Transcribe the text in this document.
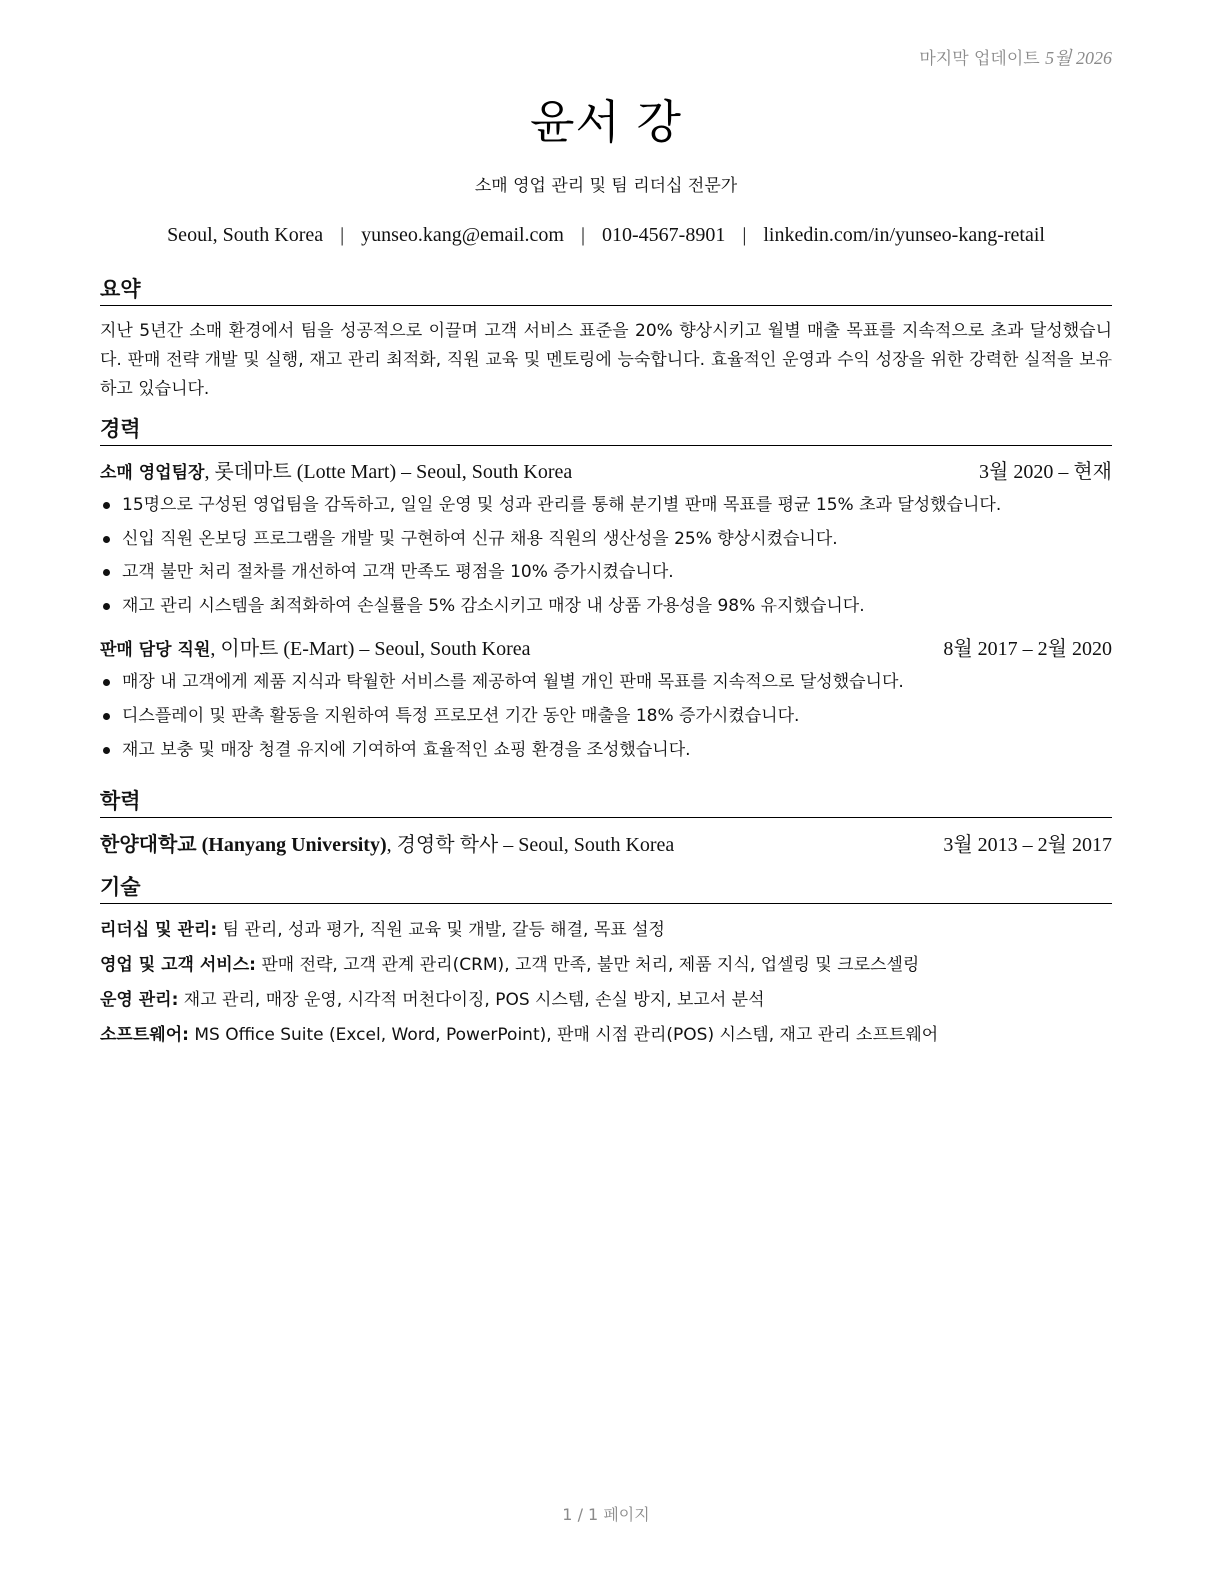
마지막 업데이트 5월 2026
윤서 강
소매 영업 관리 및 팀 리더십 전문가
Seoul, South Korea | yunseo.kang@email.com | 010-4567-8901 | linkedin.com/in/yunseo-kang-retail
요약
지난 5년간 소매 환경에서 팀을 성공적으로 이끌며 고객 서비스 표준을 20% 향상시키고 월별 매출 목표를 지속적으로 초과 달성했습니다. 판매 전략 개발 및 실행, 재고 관리 최적화, 직원 교육 및 멘토링에 능숙합니다. 효율적인 운영과 수익 성장을 위한 강력한 실적을 보유하고 있습니다.
경력
소매 영업팀장, 롯데마트 (Lotte Mart) – Seoul, South Korea	3월 2020 – 현재
15명으로 구성된 영업팀을 감독하고, 일일 운영 및 성과 관리를 통해 분기별 판매 목표를 평균 15% 초과 달성했습니다.
신입 직원 온보딩 프로그램을 개발 및 구현하여 신규 채용 직원의 생산성을 25% 향상시켰습니다.
고객 불만 처리 절차를 개선하여 고객 만족도 평점을 10% 증가시켰습니다.
재고 관리 시스템을 최적화하여 손실률을 5% 감소시키고 매장 내 상품 가용성을 98% 유지했습니다.
판매 담당 직원, 이마트 (E-Mart) – Seoul, South Korea	8월 2017 – 2월 2020
매장 내 고객에게 제품 지식과 탁월한 서비스를 제공하여 월별 개인 판매 목표를 지속적으로 달성했습니다.
디스플레이 및 판촉 활동을 지원하여 특정 프로모션 기간 동안 매출을 18% 증가시켰습니다.
재고 보충 및 매장 청결 유지에 기여하여 효율적인 쇼핑 환경을 조성했습니다.
학력
한양대학교 (Hanyang University), 경영학 학사 – Seoul, South Korea	3월 2013 – 2월 2017
기술
리더십 및 관리: 팀 관리, 성과 평가, 직원 교육 및 개발, 갈등 해결, 목표 설정
영업 및 고객 서비스: 판매 전략, 고객 관계 관리(CRM), 고객 만족, 불만 처리, 제품 지식, 업셀링 및 크로스셀링
운영 관리: 재고 관리, 매장 운영, 시각적 머천다이징, POS 시스템, 손실 방지, 보고서 분석
소프트웨어: MS Office Suite (Excel, Word, PowerPoint), 판매 시점 관리(POS) 시스템, 재고 관리 소프트웨어
1 / 1 페이지
